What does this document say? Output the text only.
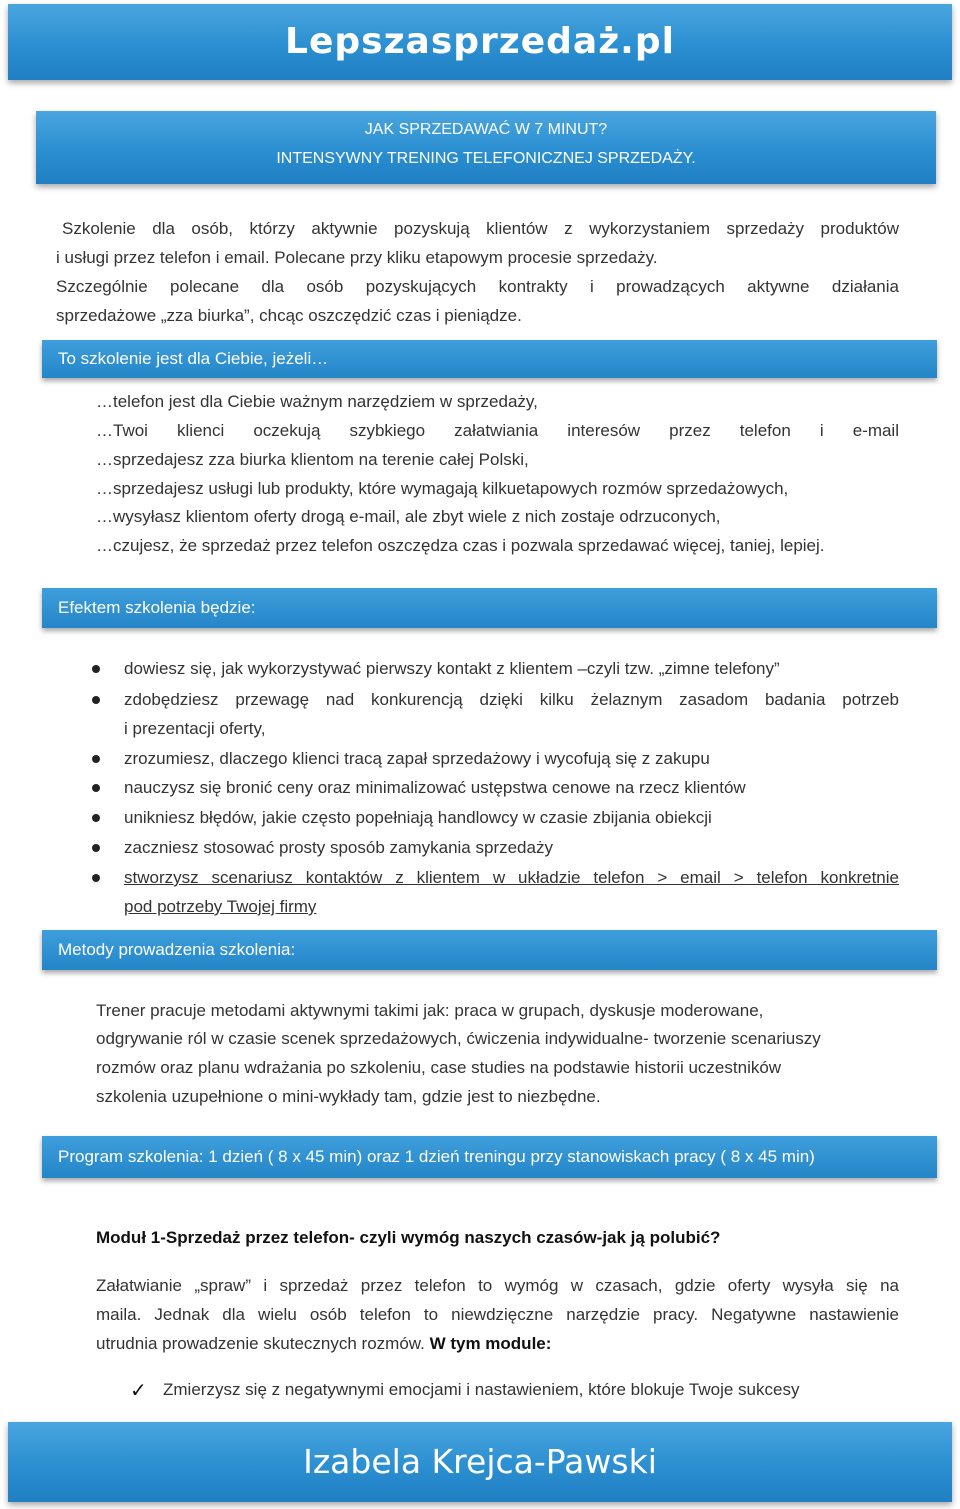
Lepszasprzedaż.pl
JAK SPRZEDAWAĆ W 7 MINUT?
INTENSYWNY TRENING TELEFONICZNEJ SPRZEDAŻY.
Szkolenie dla osób, którzy aktywnie pozyskują klientów z wykorzystaniem sprzedaży produktów
i usługi przez telefon i email. Polecane przy kliku etapowym procesie sprzedaży.
Szczególnie polecane dla osób pozyskujących kontrakty i prowadzących aktywne działania
sprzedażowe „zza biurka”, chcąc oszczędzić czas i pieniądze.
To szkolenie jest dla Ciebie, jeżeli…
…telefon jest dla Ciebie ważnym narzędziem w sprzedaży,
…Twoi klienci oczekują szybkiego załatwiania interesów przez telefon i e-mail
…sprzedajesz zza biurka klientom na terenie całej Polski,
…sprzedajesz usługi lub produkty, które wymagają kilkuetapowych rozmów sprzedażowych,
…wysyłasz klientom oferty drogą e-mail, ale zbyt wiele z nich zostaje odrzuconych,
…czujesz, że sprzedaż przez telefon oszczędza czas i pozwala sprzedawać więcej, taniej, lepiej.
Efektem szkolenia będzie:
dowiesz się, jak wykorzystywać pierwszy kontakt z klientem –czyli tzw. „zimne telefony”
zdobędziesz przewagę nad konkurencją dzięki kilku żelaznym zasadom badania potrzeb
i prezentacji oferty,
zrozumiesz, dlaczego klienci tracą zapał sprzedażowy i wycofują się z zakupu
nauczysz się bronić ceny oraz minimalizować ustępstwa cenowe na rzecz klientów
unikniesz błędów, jakie często popełniają handlowcy w czasie zbijania obiekcji
zaczniesz stosować prosty sposób zamykania sprzedaży
stworzysz scenariusz kontaktów z klientem w układzie telefon > email > telefon konkretnie
pod potrzeby Twojej firmy
Metody prowadzenia szkolenia:
Trener pracuje metodami aktywnymi takimi jak: praca w grupach, dyskusje moderowane,
odgrywanie ról w czasie scenek sprzedażowych, ćwiczenia indywidualne- tworzenie scenariuszy
rozmów oraz planu wdrażania po szkoleniu, case studies na podstawie historii uczestników
szkolenia uzupełnione o mini-wykłady tam, gdzie jest to niezbędne.
Program szkolenia: 1 dzień ( 8 x 45 min) oraz 1 dzień treningu przy stanowiskach pracy ( 8 x 45 min)
Moduł 1-Sprzedaż przez telefon- czyli wymóg naszych czasów-jak ją polubić?
Załatwianie „spraw” i sprzedaż przez telefon to wymóg w czasach, gdzie oferty wysyła się na
maila. Jednak dla wielu osób telefon to niewdzięczne narzędzie pracy. Negatywne nastawienie
utrudnia prowadzenie skutecznych rozmów. W tym module:
✓ Zmierzysz się z negatywnymi emocjami i nastawieniem, które blokuje Twoje sukcesy
Izabela Krejca-Pawski
